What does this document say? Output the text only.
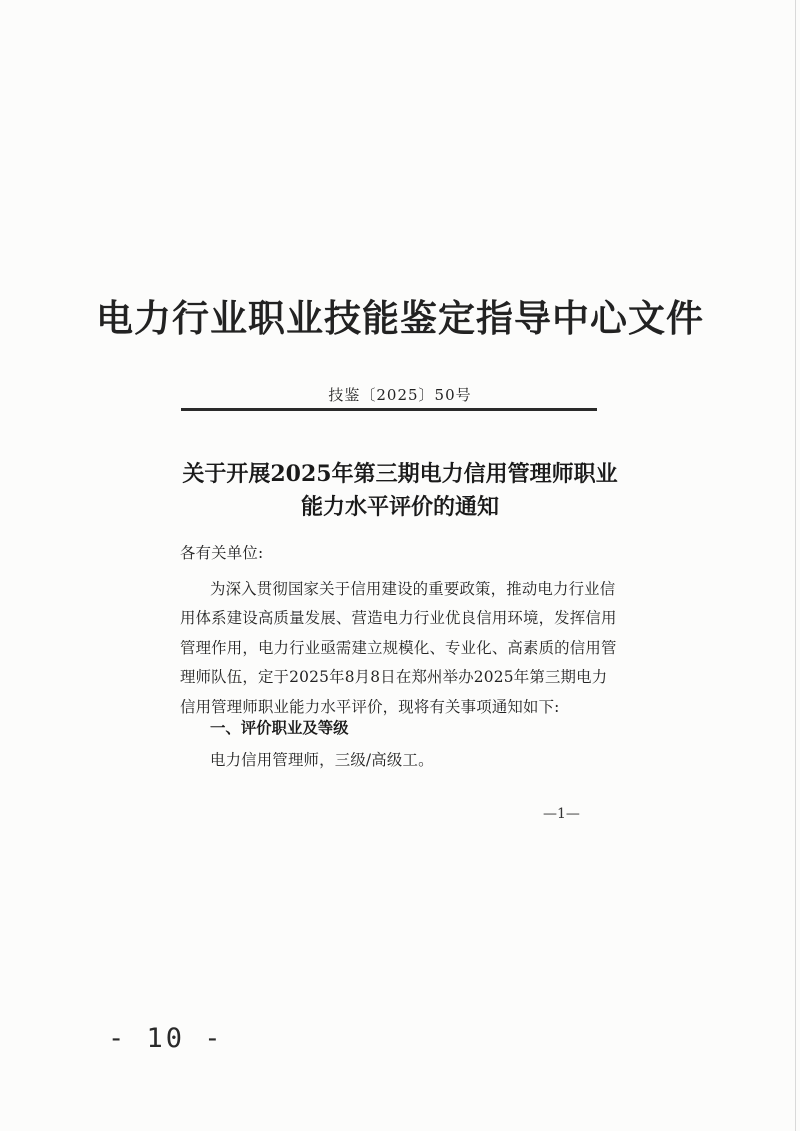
电力行业职业技能鉴定指导中心文件
技鉴〔2025〕50号
关于开展2025年第三期电力信用管理师职业
能力水平评价的通知
各有关单位:
为深入贯彻国家关于信用建设的重要政策，推动电力行业信
用体系建设高质量发展、营造电力行业优良信用环境，发挥信用
管理作用，电力行业亟需建立规模化、专业化、高素质的信用管
理师队伍，定于2025年8月8日在郑州举办2025年第三期电力
信用管理师职业能力水平评价，现将有关事项通知如下:
一、评价职业及等级
电力信用管理师，三级/高级工。
—1—
- 10 -
